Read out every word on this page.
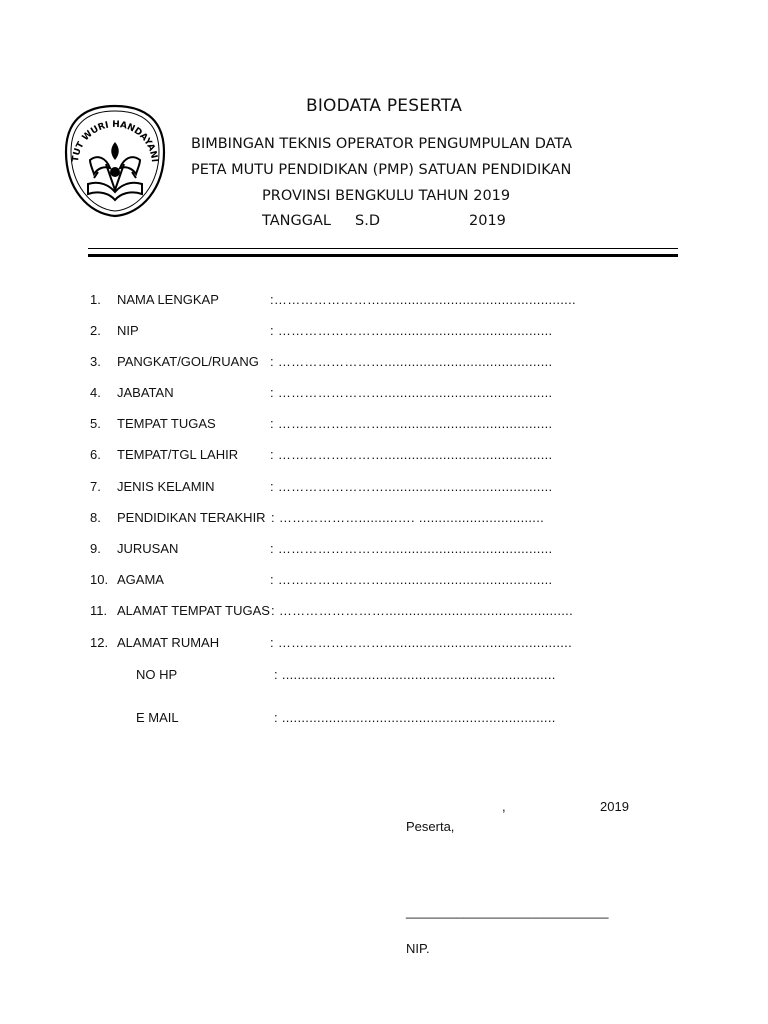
TUT WURI HANDAYANI
BIODATA PESERTA
BIMBINGAN TEKNIS OPERATOR PENGUMPULAN DATA
PETA MUTU PENDIDIKAN (PMP) SATUAN PENDIDIKAN
PROVINSI BENGKULU TAHUN 2019
TANGGAL S.D	2019
1.	NAMA LENGKAP	:……………………..................................................
2.	NIP	: ……………………...........................................
3.	PANGKAT/GOL/RUANG : ……………………...........................................
4.	JABATAN	: ……………………...........................................
5.	TEMPAT TUGAS	: ……………………...........................................
6.	TEMPAT/TGL LAHIR : ……………………...........................................
7.	JENIS KELAMIN	: ……………………...........................................
8.	PENDIDIKAN TERAKHIR : ………………..........…. ................................
9.	JURUSAN	: ……………………...........................................
10. AGAMA	: ……………………...........................................
11. ALAMAT TEMPAT TUGAS : ……………………................................................
12. ALAMAT RUMAH	: ……………………................................................
NO HP	: ......................................................................
E MAIL	: ......................................................................
,	2019
Peserta,
____________________________
NIP.
